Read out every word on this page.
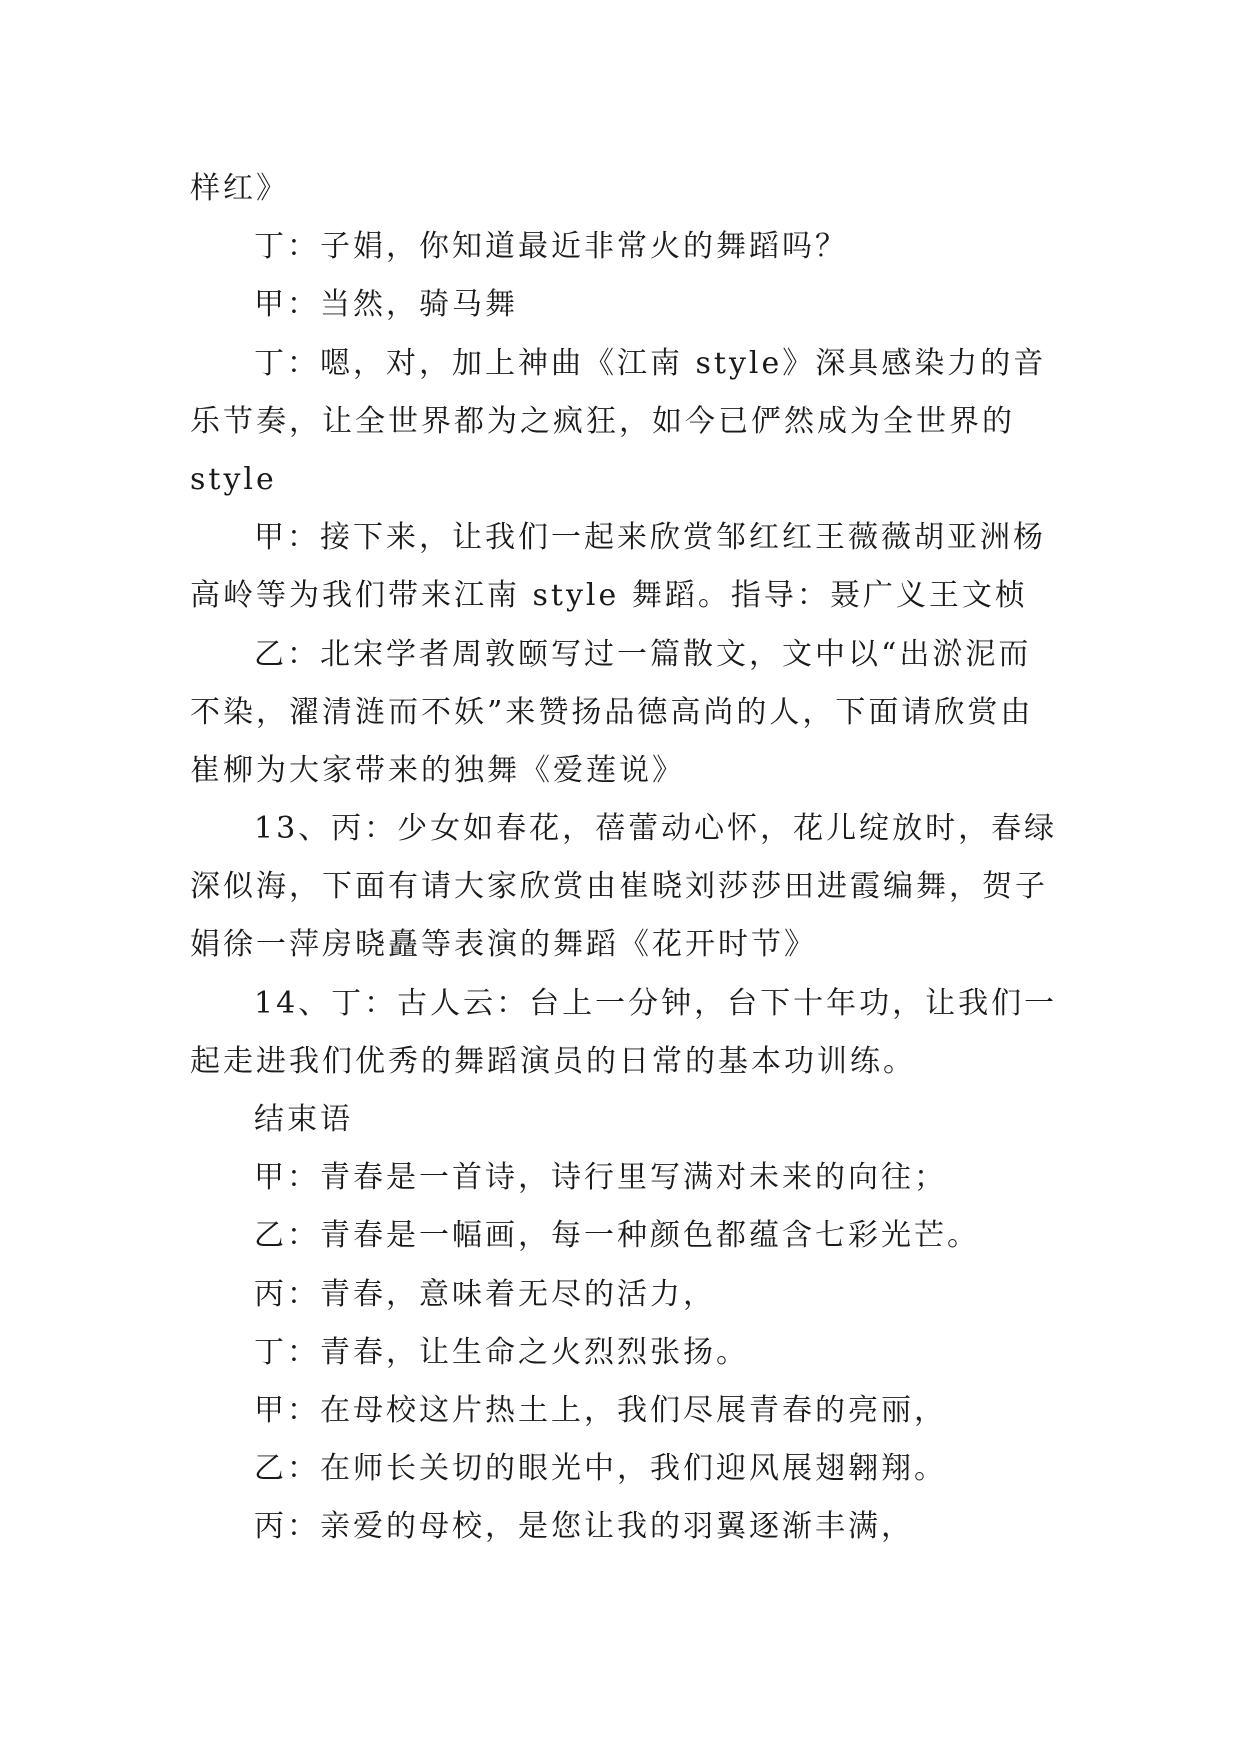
样红》
丁：子娟，你知道最近非常火的舞蹈吗？
甲：当然，骑马舞
丁：嗯，对，加上神曲《江南 style》深具感染力的音
乐节奏，让全世界都为之疯狂，如今已俨然成为全世界的
style
甲：接下来，让我们一起来欣赏邹红红王薇薇胡亚洲杨
高岭等为我们带来江南 style 舞蹈。指导：聂广义王文桢
乙：北宋学者周敦颐写过一篇散文，文中以“出淤泥而
不染，濯清涟而不妖”来赞扬品德高尚的人，下面请欣赏由
崔柳为大家带来的独舞《爱莲说》
13、丙：少女如春花，蓓蕾动心怀，花儿绽放时，春绿
深似海，下面有请大家欣赏由崔晓刘莎莎田进霞编舞，贺子
娟徐一萍房晓矗等表演的舞蹈《花开时节》
14、丁：古人云：台上一分钟，台下十年功，让我们一
起走进我们优秀的舞蹈演员的日常的基本功训练。
结束语
甲：青春是一首诗，诗行里写满对未来的向往；
乙：青春是一幅画，每一种颜色都蕴含七彩光芒。
丙：青春，意味着无尽的活力，
丁：青春，让生命之火烈烈张扬。
甲：在母校这片热土上，我们尽展青春的亮丽，
乙：在师长关切的眼光中，我们迎风展翅翱翔。
丙：亲爱的母校，是您让我的羽翼逐渐丰满，
